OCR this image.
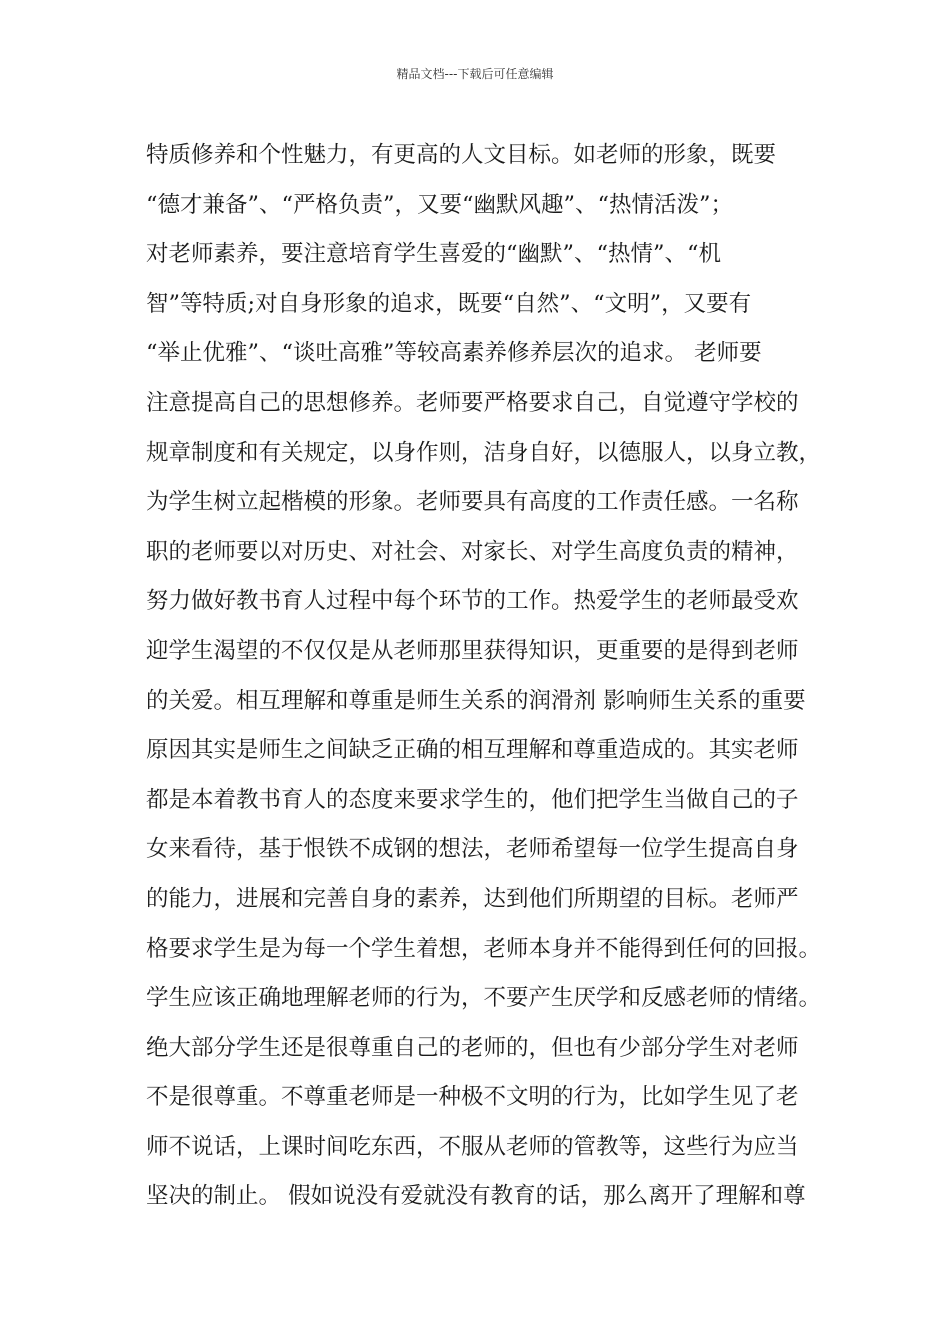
精品文档---下载后可任意编辑
特质修养和个性魅力，有更高的人文目标。如老师的形象，既要
“德才兼备”、“严格负责”，又要“幽默风趣”、“热情活泼”；
对老师素养，要注意培育学生喜爱的“幽默”、“热情”、“机
智”等特质;对自身形象的追求，既要“自然”、“文明”，又要有
“举止优雅”、“谈吐高雅”等较高素养修养层次的追求。 老师要
注意提高自己的思想修养。老师要严格要求自己，自觉遵守学校的
规章制度和有关规定，以身作则，洁身自好，以德服人，以身立教，
为学生树立起楷模的形象。老师要具有高度的工作责任感。一名称
职的老师要以对历史、对社会、对家长、对学生高度负责的精神，
努力做好教书育人过程中每个环节的工作。热爱学生的老师最受欢
迎学生渴望的不仅仅是从老师那里获得知识，更重要的是得到老师
的关爱。相互理解和尊重是师生关系的润滑剂 影响师生关系的重要
原因其实是师生之间缺乏正确的相互理解和尊重造成的。其实老师
都是本着教书育人的态度来要求学生的，他们把学生当做自己的子
女来看待，基于恨铁不成钢的想法，老师希望每一位学生提高自身
的能力，进展和完善自身的素养，达到他们所期望的目标。老师严
格要求学生是为每一个学生着想，老师本身并不能得到任何的回报。
学生应该正确地理解老师的行为，不要产生厌学和反感老师的情绪。
绝大部分学生还是很尊重自己的老师的，但也有少部分学生对老师
不是很尊重。不尊重老师是一种极不文明的行为，比如学生见了老
师不说话，上课时间吃东西，不服从老师的管教等，这些行为应当
坚决的制止。 假如说没有爱就没有教育的话，那么离开了理解和尊
